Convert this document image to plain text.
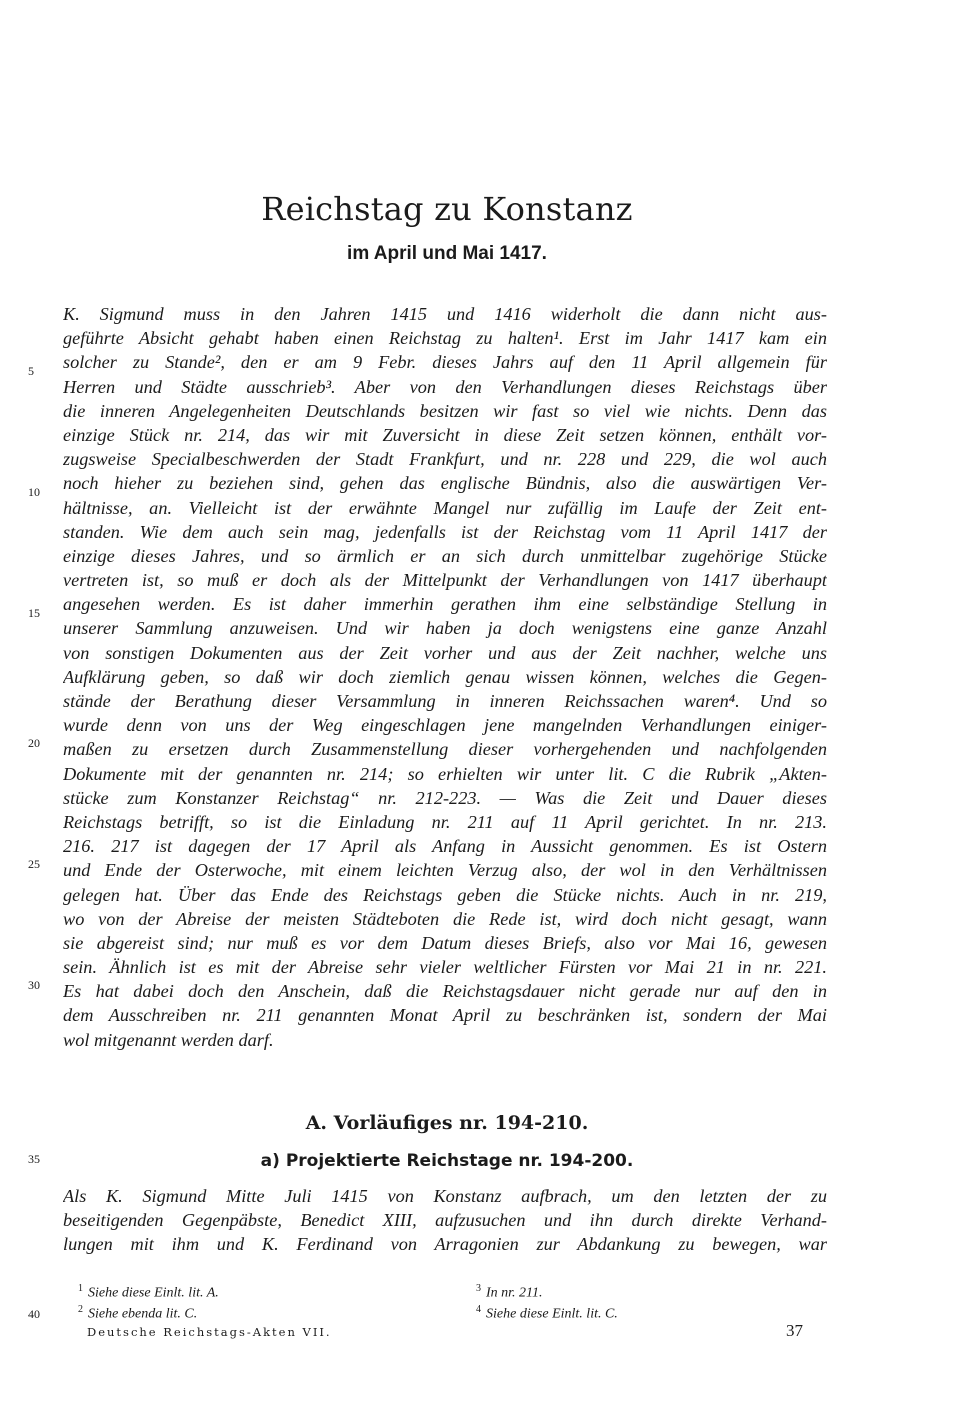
Reichstag zu Konstanz
im April und Mai 1417.
K. Sigmund muss in den Jahren 1415 und 1416 widerholt die dann nicht aus-
geführte Absicht gehabt haben einen Reichstag zu halten¹. Erst im Jahr 1417 kam ein
solcher zu Stande², den er am 9 Febr. dieses Jahrs auf den 11 April allgemein für
Herren und Städte ausschrieb³. Aber von den Verhandlungen dieses Reichstags über
die inneren Angelegenheiten Deutschlands besitzen wir fast so viel wie nichts. Denn das
einzige Stück nr. 214, das wir mit Zuversicht in diese Zeit setzen können, enthält vor-
zugsweise Specialbeschwerden der Stadt Frankfurt, und nr. 228 und 229, die wol auch
noch hieher zu beziehen sind, gehen das englische Bündnis, also die auswärtigen Ver-
hältnisse, an. Vielleicht ist der erwähnte Mangel nur zufällig im Laufe der Zeit ent-
standen. Wie dem auch sein mag, jedenfalls ist der Reichstag vom 11 April 1417 der
einzige dieses Jahres, und so ärmlich er an sich durch unmittelbar zugehörige Stücke
vertreten ist, so muß er doch als der Mittelpunkt der Verhandlungen von 1417 überhaupt
angesehen werden. Es ist daher immerhin gerathen ihm eine selbständige Stellung in
unserer Sammlung anzuweisen. Und wir haben ja doch wenigstens eine ganze Anzahl
von sonstigen Dokumenten aus der Zeit vorher und aus der Zeit nachher, welche uns
Aufklärung geben, so daß wir doch ziemlich genau wissen können, welches die Gegen-
stände der Berathung dieser Versammlung in inneren Reichssachen waren⁴. Und so
wurde denn von uns der Weg eingeschlagen jene mangelnden Verhandlungen einiger-
maßen zu ersetzen durch Zusammenstellung dieser vorhergehenden und nachfolgenden
Dokumente mit der genannten nr. 214; so erhielten wir unter lit. C die Rubrik „Akten-
stücke zum Konstanzer Reichstag“ nr. 212-223. — Was die Zeit und Dauer dieses
Reichstags betrifft, so ist die Einladung nr. 211 auf 11 April gerichtet. In nr. 213.
216. 217 ist dagegen der 17 April als Anfang in Aussicht genommen. Es ist Ostern
und Ende der Osterwoche, mit einem leichten Verzug also, der wol in den Verhältnissen
gelegen hat. Über das Ende des Reichstags geben die Stücke nichts. Auch in nr. 219,
wo von der Abreise der meisten Städteboten die Rede ist, wird doch nicht gesagt, wann
sie abgereist sind; nur muß es vor dem Datum dieses Briefs, also vor Mai 16, gewesen
sein. Ähnlich ist es mit der Abreise sehr vieler weltlicher Fürsten vor Mai 21 in nr. 221.
Es hat dabei doch den Anschein, daß die Reichstagsdauer nicht gerade nur auf den in
dem Ausschreiben nr. 211 genannten Monat April zu beschränken ist, sondern der Mai
wol mitgenannt werden darf.
5
10
15
20
25
30
35
40
A. Vorläufiges nr. 194-210.
a) Projektierte Reichstage nr. 194-200.
Als K. Sigmund Mitte Juli 1415 von Konstanz aufbrach, um den letzten der zu
beseitigenden Gegenpäbste, Benedict XIII, aufzusuchen und ihn durch direkte Verhand-
lungen mit ihm und K. Ferdinand von Arragonien zur Abdankung zu bewegen, war
$^1$ Siehe diese Einlt. lit. A.
$^2$ Siehe ebenda lit. C.
$^3$ In nr. 211.
$^4$ Siehe diese Einlt. lit. C.
Deutsche Reichstags-Akten VII.	37
